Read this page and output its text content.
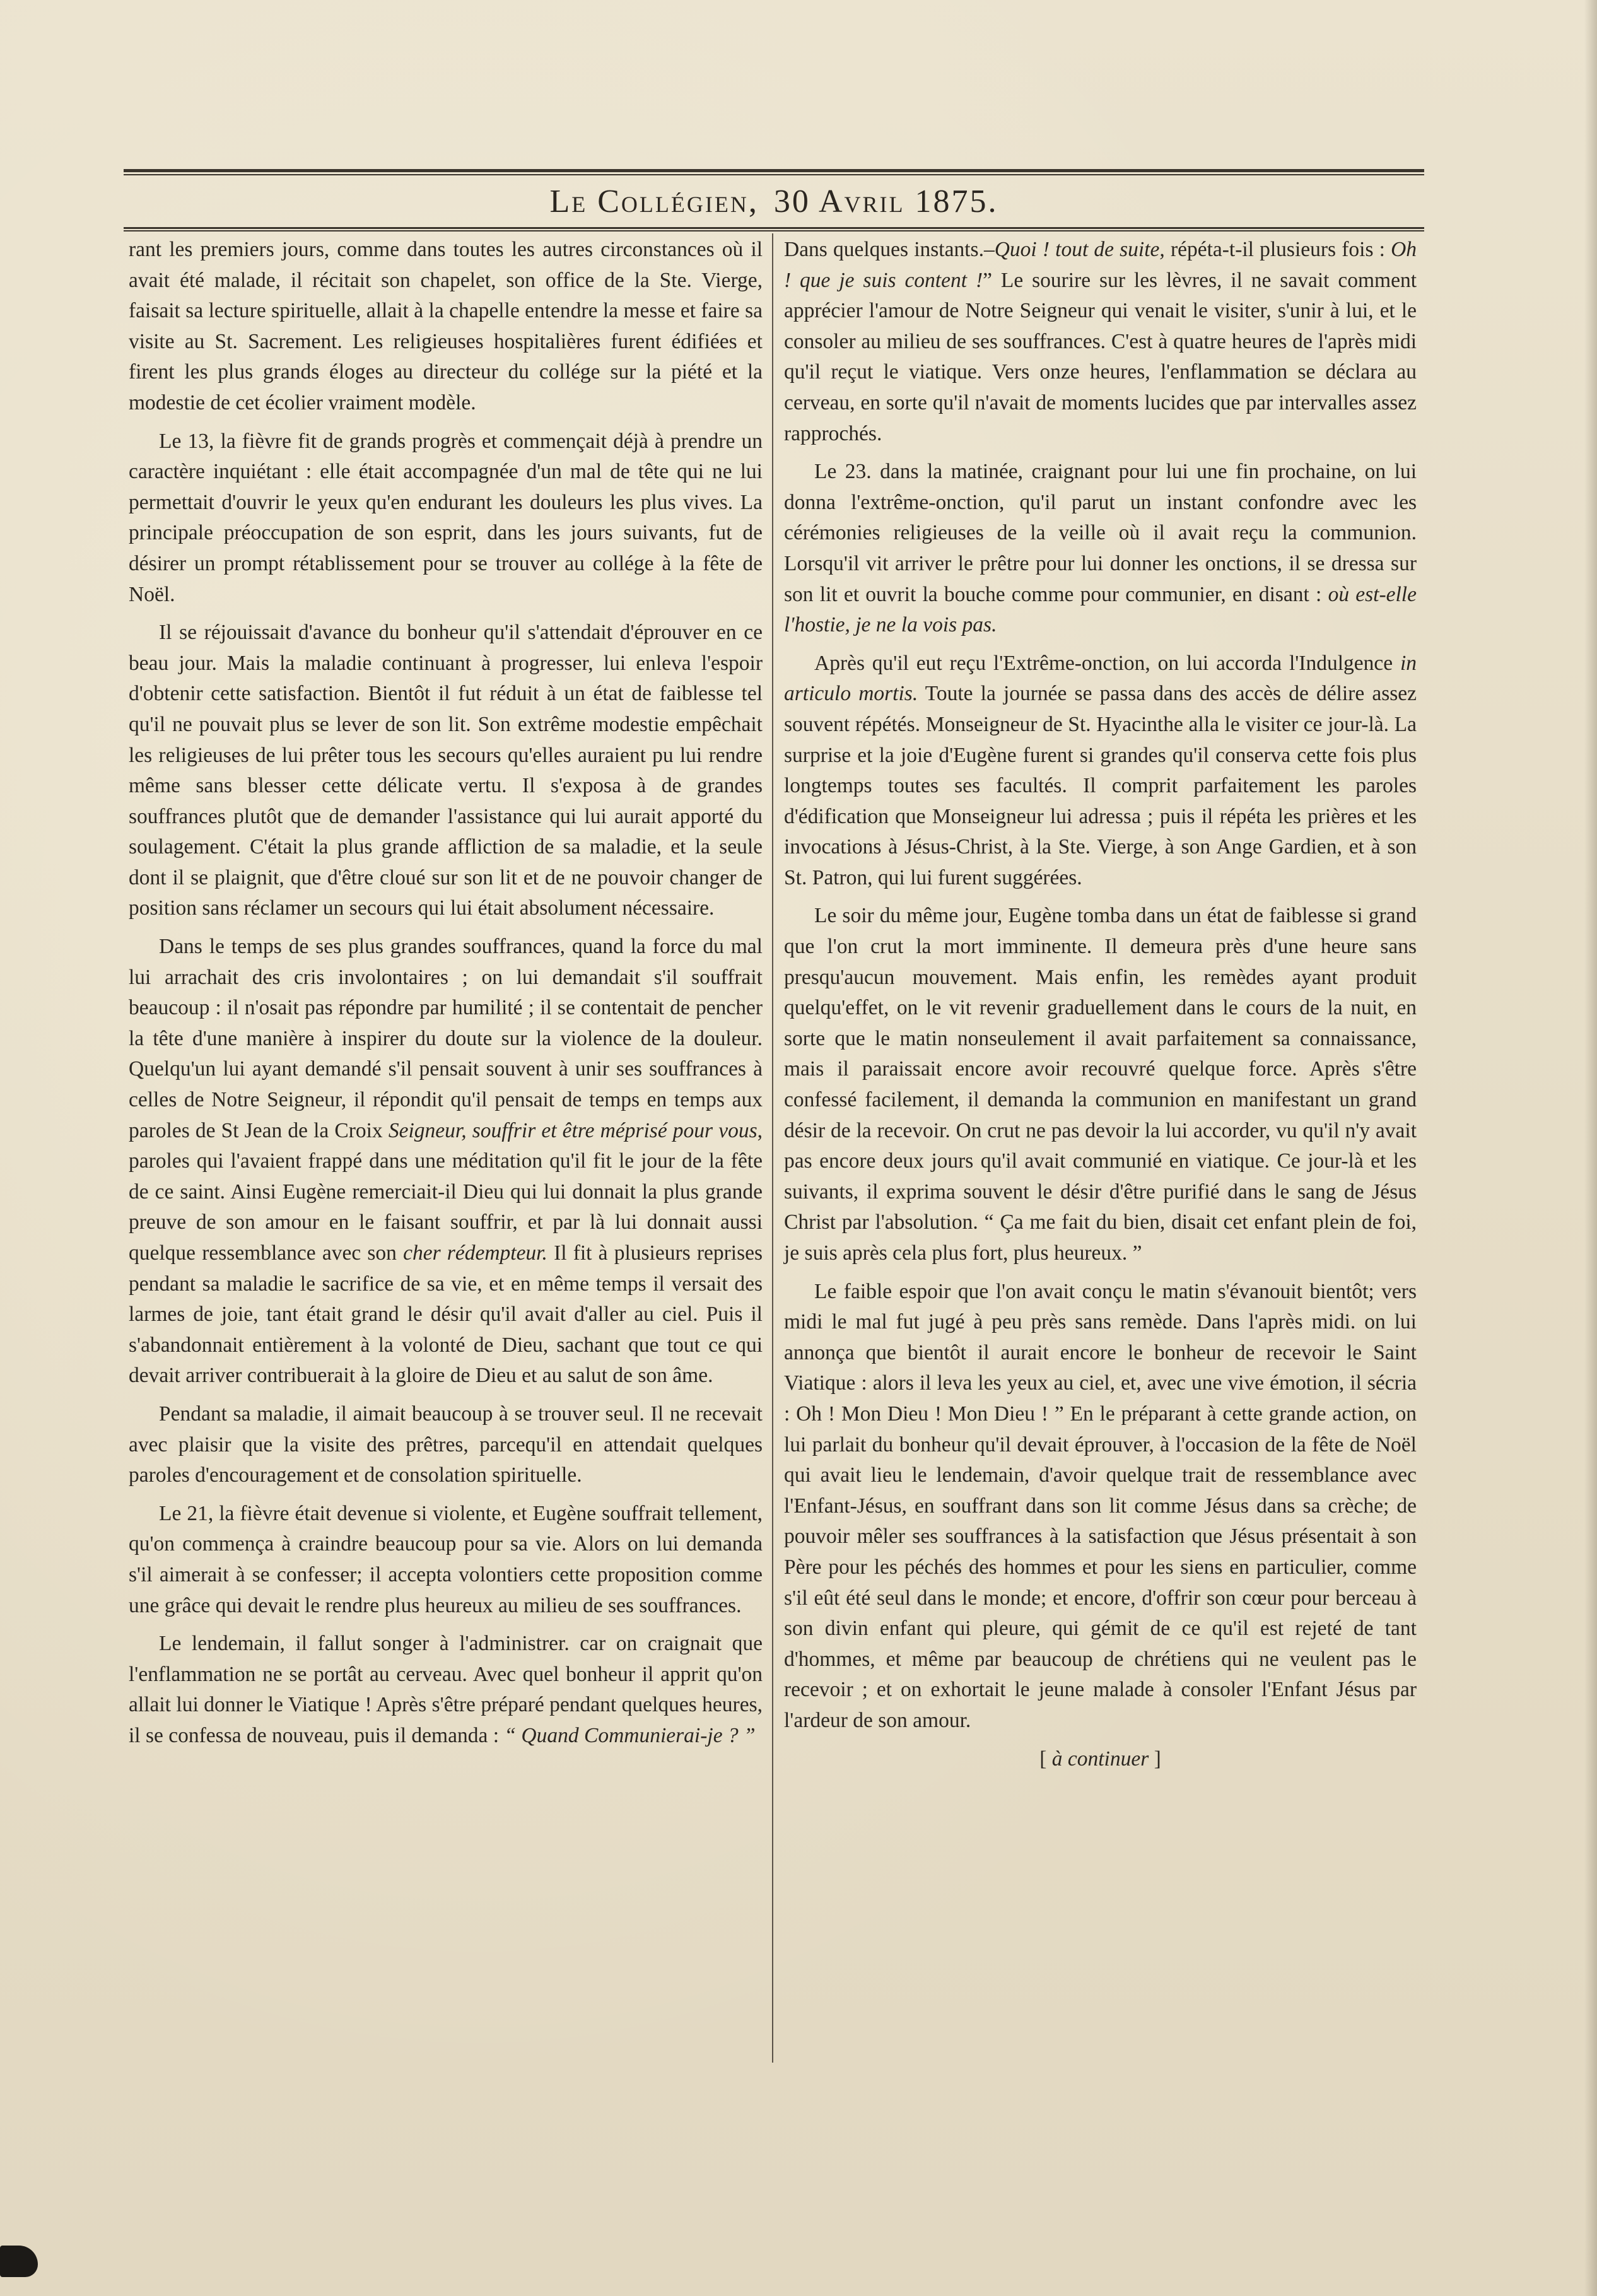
Le Collégien, 30 Avril 1875.

rant les premiers jours, comme dans toutes les autres circonstances où il avait été malade, il récitait son chapelet, son office de la Ste. Vierge, faisait sa lecture spirituelle, allait à la chapelle entendre la messe et faire sa visite au St. Sacrement. Les religieuses hospitalières furent édifiées et firent les plus grands éloges au directeur du collége sur la piété et la modestie de cet écolier vraiment modèle.

Le 13, la fièvre fit de grands progrès et commençait déjà à prendre un caractère inquiétant : elle était accompagnée d'un mal de tête qui ne lui permettait d'ouvrir le yeux qu'en endurant les douleurs les plus vives. La principale préoccupation de son esprit, dans les jours suivants, fut de désirer un prompt rétablissement pour se trouver au collége à la fête de Noël.

Il se réjouissait d'avance du bonheur qu'il s'attendait d'éprouver en ce beau jour. Mais la maladie continuant à progresser, lui enleva l'espoir d'obtenir cette satisfaction. Bientôt il fut réduit à un état de faiblesse tel qu'il ne pouvait plus se lever de son lit. Son extrême modestie empêchait les religieuses de lui prêter tous les secours qu'elles auraient pu lui rendre même sans blesser cette délicate vertu. Il s'exposa à de grandes souffrances plutôt que de demander l'assistance qui lui aurait apporté du soulagement. C'était la plus grande affliction de sa maladie, et la seule dont il se plaignit, que d'être cloué sur son lit et de ne pouvoir changer de position sans réclamer un secours qui lui était absolument nécessaire.

Dans le temps de ses plus grandes souffrances, quand la force du mal lui arrachait des cris involontaires ; on lui demandait s'il souffrait beaucoup : il n'osait pas répondre par humilité ; il se contentait de pencher la tête d'une manière à inspirer du doute sur la violence de la douleur. Quelqu'un lui ayant demandé s'il pensait souvent à unir ses souffrances à celles de Notre Seigneur, il répondit qu'il pensait de temps en temps aux paroles de St Jean de la Croix Seigneur, souffrir et être méprisé pour vous, paroles qui l'avaient frappé dans une méditation qu'il fit le jour de la fête de ce saint. Ainsi Eugène remerciait-il Dieu qui lui donnait la plus grande preuve de son amour en le faisant souffrir, et par là lui donnait aussi quelque ressemblance avec son cher rédempteur. Il fit à plusieurs reprises pendant sa maladie le sacrifice de sa vie, et en même temps il versait des larmes de joie, tant était grand le désir qu'il avait d'aller au ciel. Puis il s'abandonnait entièrement à la volonté de Dieu, sachant que tout ce qui devait arriver contribuerait à la gloire de Dieu et au salut de son âme.

Pendant sa maladie, il aimait beaucoup à se trouver seul. Il ne recevait avec plaisir que la visite des prêtres, parcequ'il en attendait quelques paroles d'encouragement et de consolation spirituelle.

Le 21, la fièvre était devenue si violente, et Eugène souffrait tellement, qu'on commença à craindre beaucoup pour sa vie. Alors on lui demanda s'il aimerait à se confesser; il accepta volontiers cette proposition comme une grâce qui devait le rendre plus heureux au milieu de ses souffrances.

Le lendemain, il fallut songer à l'administrer. car on craignait que l'enflammation ne se portât au cerveau. Avec quel bonheur il apprit qu'on allait lui donner le Viatique ! Après s'être préparé pendant quelques heures, il se confessa de nouveau, puis il demanda : “ Quand Communierai-je ? ”

Dans quelques instants.–Quoi ! tout de suite, répéta-t-il plusieurs fois : Oh ! que je suis content !” Le sourire sur les lèvres, il ne savait comment apprécier l'amour de Notre Seigneur qui venait le visiter, s'unir à lui, et le consoler au milieu de ses souffrances. C'est à quatre heures de l'après midi qu'il reçut le viatique. Vers onze heures, l'enflammation se déclara au cerveau, en sorte qu'il n'avait de moments lucides que par intervalles assez rapprochés.

Le 23. dans la matinée, craignant pour lui une fin prochaine, on lui donna l'extrême-onction, qu'il parut un instant confondre avec les cérémonies religieuses de la veille où il avait reçu la communion. Lorsqu'il vit arriver le prêtre pour lui donner les onctions, il se dressa sur son lit et ouvrit la bouche comme pour communier, en disant : où est-elle l'hostie, je ne la vois pas.

Après qu'il eut reçu l'Extrême-onction, on lui accorda l'Indulgence in articulo mortis. Toute la journée se passa dans des accès de délire assez souvent répétés. Monseigneur de St. Hyacinthe alla le visiter ce jour-là. La surprise et la joie d'Eugène furent si grandes qu'il conserva cette fois plus longtemps toutes ses facultés. Il comprit parfaitement les paroles d'édification que Monseigneur lui adressa ; puis il répéta les prières et les invocations à Jésus-Christ, à la Ste. Vierge, à son Ange Gardien, et à son St. Patron, qui lui furent suggérées.

Le soir du même jour, Eugène tomba dans un état de faiblesse si grand que l'on crut la mort imminente. Il demeura près d'une heure sans presqu'aucun mouvement. Mais enfin, les remèdes ayant produit quelqu'effet, on le vit revenir graduellement dans le cours de la nuit, en sorte que le matin nonseulement il avait parfaitement sa connaissance, mais il paraissait encore avoir recouvré quelque force. Après s'être confessé facilement, il demanda la communion en manifestant un grand désir de la recevoir. On crut ne pas devoir la lui accorder, vu qu'il n'y avait pas encore deux jours qu'il avait communié en viatique. Ce jour-là et les suivants, il exprima souvent le désir d'être purifié dans le sang de Jésus Christ par l'absolution. “ Ça me fait du bien, disait cet enfant plein de foi, je suis après cela plus fort, plus heureux. ”

Le faible espoir que l'on avait conçu le matin s'évanouit bientôt; vers midi le mal fut jugé à peu près sans remède. Dans l'après midi. on lui annonça que bientôt il aurait encore le bonheur de recevoir le Saint Viatique : alors il leva les yeux au ciel, et, avec une vive émotion, il sécria : Oh ! Mon Dieu ! Mon Dieu ! ” En le préparant à cette grande action, on lui parlait du bonheur qu'il devait éprouver, à l'occasion de la fête de Noël qui avait lieu le lendemain, d'avoir quelque trait de ressemblance avec l'Enfant-Jésus, en souffrant dans son lit comme Jésus dans sa crèche; de pouvoir mêler ses souffrances à la satisfaction que Jésus présentait à son Père pour les péchés des hommes et pour les siens en particulier, comme s'il eût été seul dans le monde; et encore, d'offrir son cœur pour berceau à son divin enfant qui pleure, qui gémit de ce qu'il est rejeté de tant d'hommes, et même par beaucoup de chrétiens qui ne veulent pas le recevoir ; et on exhortait le jeune malade à consoler l'Enfant Jésus par l'ardeur de son amour.

[ à continuer ]
